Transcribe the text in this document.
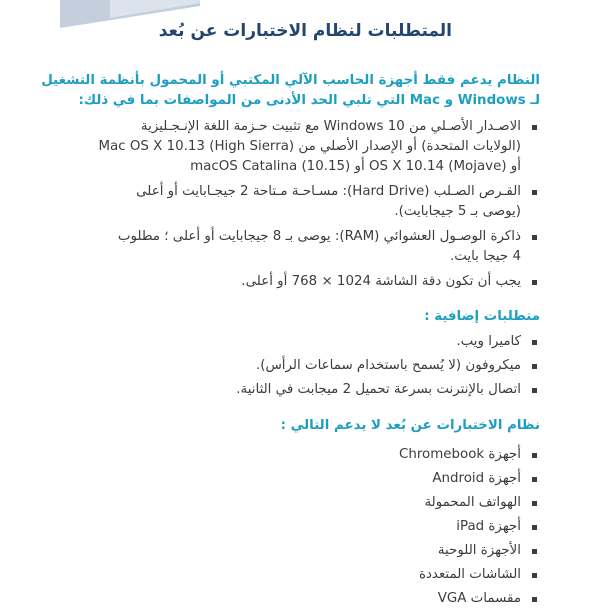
المتطلبات لنظام الاختبارات عن بُعد
النظام يدعم فقط أجهزة الحاسب الآلي المكتبي أو المحمول بأنظمة التشغيل
لـ Windows و Mac التي تلبي الحد الأدنى من المواصفات بما في ذلك:
الاصـدار الأصـلي من Windows 10 مع تثبيت حـزمة اللغة الإنـجـليزية
(الولايات المتحدة) أو الإصدار الأصلي من (High Sierra) Mac OS X 10.13
أو OS X 10.14 (Mojave) أو macOS Catalina (10.15)
القـرص الصـلب (Hard Drive): مسـاحـة مـتاحة 2 جيجـابايت أو أعلى
(يوصى بـ 5 جيجابايت).
ذاكرة الوصـول العشوائي (RAM): يوصى بـ 8 جيجابايت أو أعلى ؛ مطلوب
4 جيجا بايت.
يجب أن تكون دقة الشاشة 1024 × 768 أو أعلى.
متطلبات إضافية :
كاميرا ويب.
ميكروفون (لا يُسمح باستخدام سماعات الرأس).
اتصال بالإنترنت بسرعة تحميل 2 ميجابت في الثانية.
نظام الاختبارات عن بُعد لا يدعم التالي :
أجهزة Chromebook
أجهزة Android
الهواتف المحمولة
أجهزة iPad
الأجهزة اللوحية
الشاشات المتعددة
مقسمات VGA
